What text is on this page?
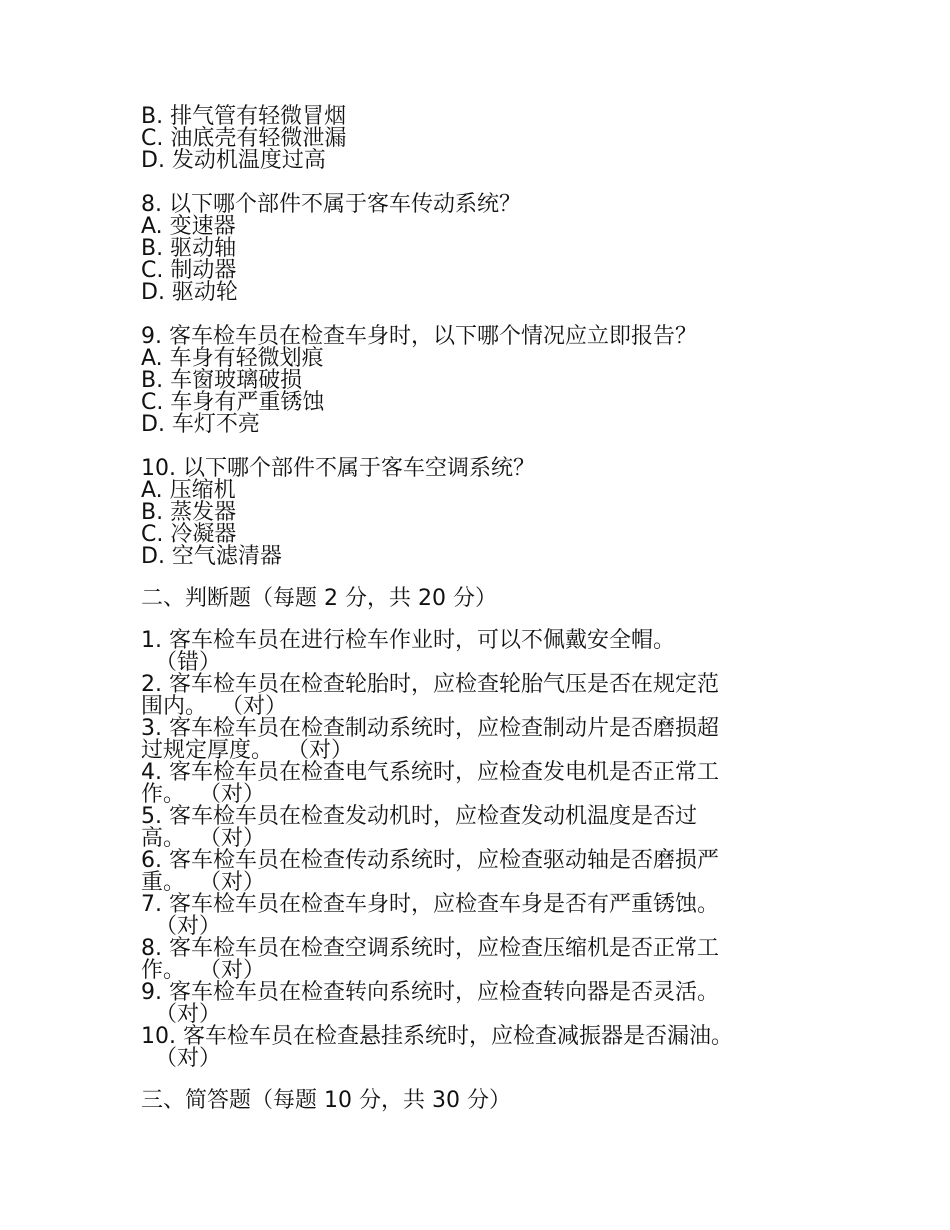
B. 排气管有轻微冒烟
C. 油底壳有轻微泄漏
D. 发动机温度过高
8. 以下哪个部件不属于客车传动系统？
A. 变速器
B. 驱动轴
C. 制动器
D. 驱动轮
9. 客车检车员在检查车身时，以下哪个情况应立即报告？
A. 车身有轻微划痕
B. 车窗玻璃破损
C. 车身有严重锈蚀
D. 车灯不亮
10. 以下哪个部件不属于客车空调系统？
A. 压缩机
B. 蒸发器
C. 冷凝器
D. 空气滤清器
二、判断题（每题 2 分，共 20 分）
1. 客车检车员在进行检车作业时，可以不佩戴安全帽。
（错）
2. 客车检车员在检查轮胎时，应检查轮胎气压是否在规定范
围内。 （对）
3. 客车检车员在检查制动系统时，应检查制动片是否磨损超
过规定厚度。 （对）
4. 客车检车员在检查电气系统时，应检查发电机是否正常工
作。 （对）
5. 客车检车员在检查发动机时，应检查发动机温度是否过
高。 （对）
6. 客车检车员在检查传动系统时，应检查驱动轴是否磨损严
重。 （对）
7. 客车检车员在检查车身时，应检查车身是否有严重锈蚀。
（对）
8. 客车检车员在检查空调系统时，应检查压缩机是否正常工
作。 （对）
9. 客车检车员在检查转向系统时，应检查转向器是否灵活。
（对）
10. 客车检车员在检查悬挂系统时，应检查减振器是否漏油。
（对）
三、简答题（每题 10 分，共 30 分）
